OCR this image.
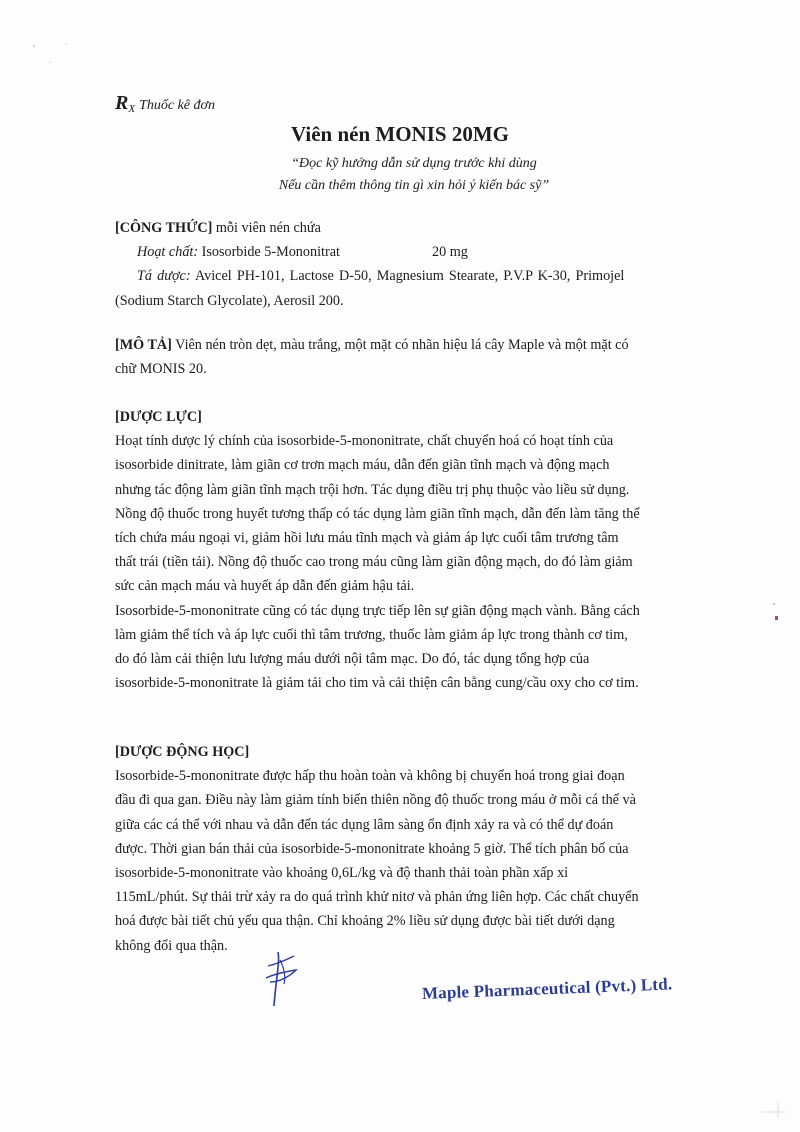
$R_X$ Thuốc kê đơn
Viên nén MONIS 20MG
“Đọc kỹ hướng dẫn sử dụng trước khi dùng
Nếu cần thêm thông tin gì xin hỏi ý kiến bác sỹ”
[CÔNG THỨC] mỗi viên nén chứa
Hoạt chất: Isosorbide 5-Mononitrat	20 mg
Tá dược: Avicel PH-101, Lactose D-50, Magnesium Stearate, P.V.P K-30, Primojel
(Sodium Starch Glycolate), Aerosil 200.
[MÔ TẢ] Viên nén tròn dẹt, màu trắng, một mặt có nhãn hiệu lá cây Maple và một mặt có
chữ MONIS 20.
[DƯỢC LỰC]
Hoạt tính dược lý chính của isosorbide-5-mononitrate, chất chuyển hoá có hoạt tính của
isosorbide dinitrate, làm giãn cơ trơn mạch máu, dẫn đến giãn tĩnh mạch và động mạch
nhưng tác động làm giãn tĩnh mạch trội hơn. Tác dụng điều trị phụ thuộc vào liều sử dụng.
Nồng độ thuốc trong huyết tương thấp có tác dụng làm giãn tĩnh mạch, dẫn đến làm tăng thể
tích chứa máu ngoại vi, giảm hồi lưu máu tĩnh mạch và giảm áp lực cuối tâm trương tâm
thất trái (tiền tải). Nồng độ thuốc cao trong máu cũng làm giãn động mạch, do đó làm giảm
sức cản mạch máu và huyết áp dẫn đến giảm hậu tải.
Isosorbide-5-mononitrate cũng có tác dụng trực tiếp lên sự giãn động mạch vành. Bằng cách
làm giảm thể tích và áp lực cuối thì tâm trương, thuốc làm giảm áp lực trong thành cơ tim,
do đó làm cải thiện lưu lượng máu dưới nội tâm mạc. Do đó, tác dụng tổng hợp của
isosorbide-5-mononitrate là giảm tải cho tim và cải thiện cân bằng cung/cầu oxy cho cơ tim.
[DƯỢC ĐỘNG HỌC]
Isosorbide-5-mononitrate được hấp thu hoàn toàn và không bị chuyển hoá trong giai đoạn
đầu đi qua gan. Điều này làm giảm tính biến thiên nồng độ thuốc trong máu ở mỗi cá thể và
giữa các cá thể với nhau và dẫn đến tác dụng lâm sàng ổn định xảy ra và có thể dự đoán
được. Thời gian bán thải của isosorbide-5-mononitrate khoảng 5 giờ. Thể tích phân bố của
isosorbide-5-mononitrate vào khoảng 0,6L/kg và độ thanh thải toàn phần xấp xỉ
115mL/phút. Sự thải trừ xảy ra do quá trình khử nitơ và phản ứng liên hợp. Các chất chuyển
hoá được bài tiết chủ yếu qua thận. Chỉ khoảng 2% liều sử dụng được bài tiết dưới dạng
không đổi qua thận.
Maple Pharmaceutical (Pvt.) Ltd.
